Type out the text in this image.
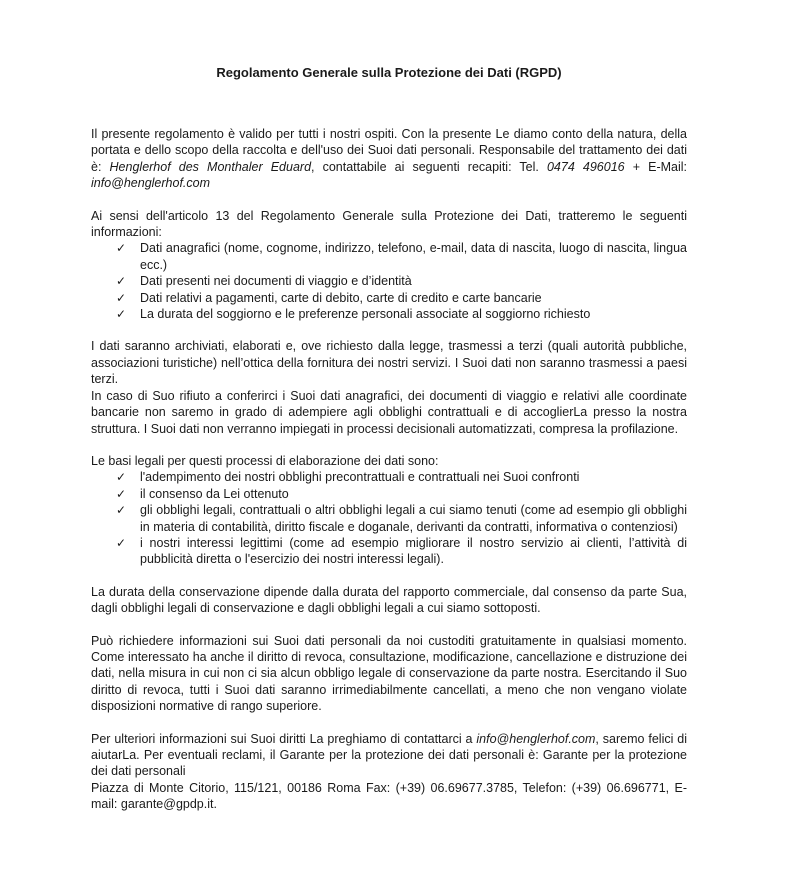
Regolamento Generale sulla Protezione dei Dati (RGPD)

Il presente regolamento è valido per tutti i nostri ospiti. Con la presente Le diamo conto della natura, della portata e dello scopo della raccolta e dell'uso dei Suoi dati personali. Responsabile del trattamento dei dati è: Henglerhof des Monthaler Eduard, contattabile ai seguenti recapiti: Tel. 0474 496016 + E-Mail: info@henglerhof.com

Ai sensi dell'articolo 13 del Regolamento Generale sulla Protezione dei Dati, tratteremo le seguenti informazioni:

✓ Dati anagrafici (nome, cognome, indirizzo, telefono, e-mail, data di nascita, luogo di nascita, lingua ecc.)
✓ Dati presenti nei documenti di viaggio e d’identità
✓ Dati relativi a pagamenti, carte di debito, carte di credito e carte bancarie
✓ La durata del soggiorno e le preferenze personali associate al soggiorno richiesto

I dati saranno archiviati, elaborati e, ove richiesto dalla legge, trasmessi a terzi (quali autorità pubbliche, associazioni turistiche) nell’ottica della fornitura dei nostri servizi. I Suoi dati non saranno trasmessi a paesi terzi.

In caso di Suo rifiuto a conferirci i Suoi dati anagrafici, dei documenti di viaggio e relativi alle coordinate bancarie non saremo in grado di adempiere agli obblighi contrattuali e di accoglierLa presso la nostra struttura. I Suoi dati non verranno impiegati in processi decisionali automatizzati, compresa la profilazione.

Le basi legali per questi processi di elaborazione dei dati sono:

✓ l'adempimento dei nostri obblighi precontrattuali e contrattuali nei Suoi confronti
✓ il consenso da Lei ottenuto
✓ gli obblighi legali, contrattuali o altri obblighi legali a cui siamo tenuti (come ad esempio gli obblighi in materia di contabilità, diritto fiscale e doganale, derivanti da contratti, informativa o contenziosi)
✓ i nostri interessi legittimi (come ad esempio migliorare il nostro servizio ai clienti, l’attività di pubblicità diretta o l'esercizio dei nostri interessi legali).

La durata della conservazione dipende dalla durata del rapporto commerciale, dal consenso da parte Sua, dagli obblighi legali di conservazione e dagli obblighi legali a cui siamo sottoposti.

Può richiedere informazioni sui Suoi dati personali da noi custoditi gratuitamente in qualsiasi momento. Come interessato ha anche il diritto di revoca, consultazione, modificazione, cancellazione e distruzione dei dati, nella misura in cui non ci sia alcun obbligo legale di conservazione da parte nostra. Esercitando il Suo diritto di revoca, tutti i Suoi dati saranno irrimediabilmente cancellati, a meno che non vengano violate disposizioni normative di rango superiore.

Per ulteriori informazioni sui Suoi diritti La preghiamo di contattarci a info@henglerhof.com, saremo felici di aiutarLa. Per eventuali reclami, il Garante per la protezione dei dati personali è: Garante per la protezione dei dati personali

Piazza di Monte Citorio, 115/121, 00186 Roma Fax: (+39) 06.69677.3785, Telefon: (+39) 06.696771, E-mail: garante@gpdp.it.
